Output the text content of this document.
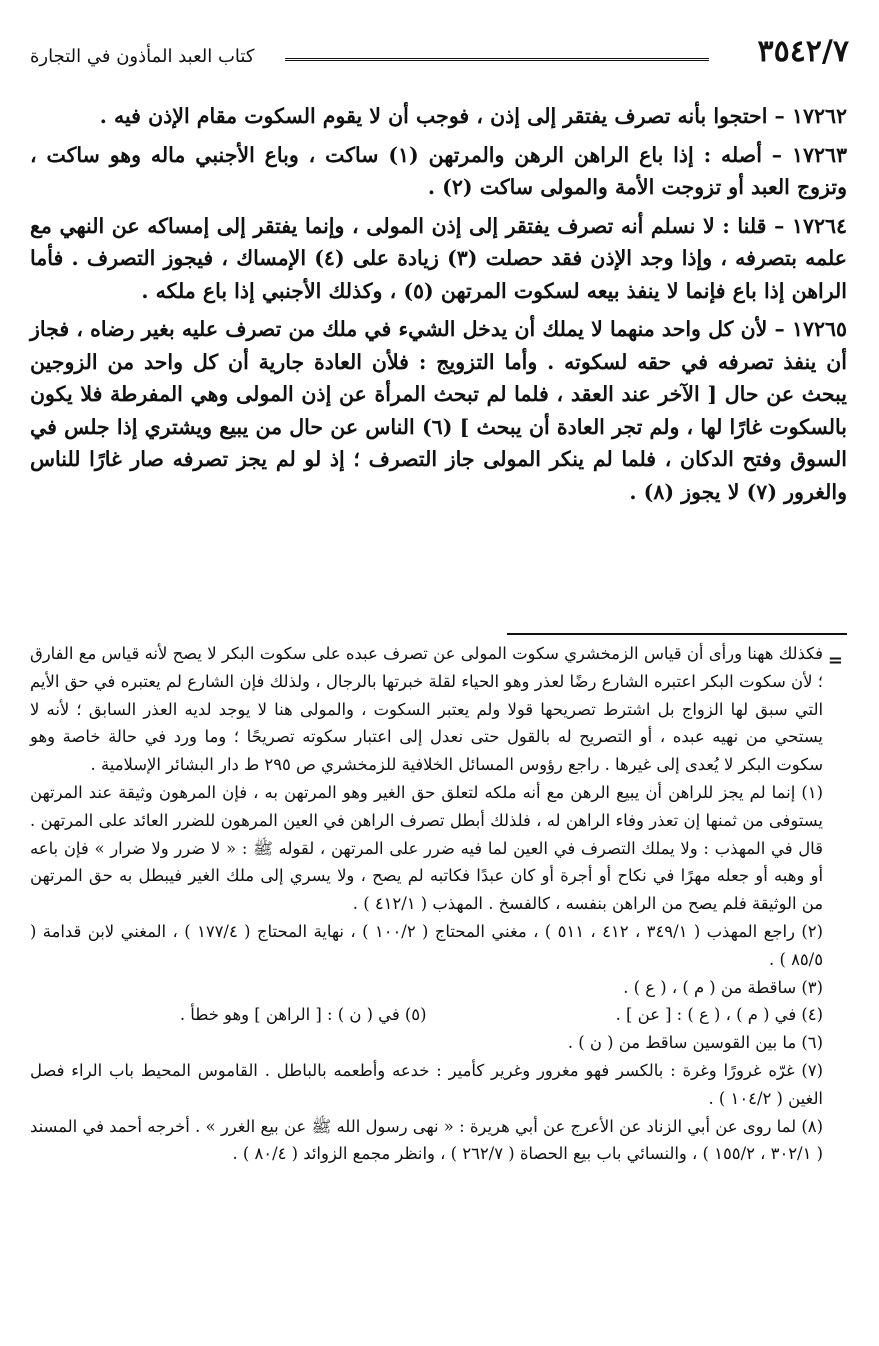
٣٥٤٢/٧
كتاب العبد المأذون في التجارة

١٧٢٦٢ – احتجوا بأنه تصرف يفتقر إلى إذن ، فوجب أن لا يقوم السكوت مقام الإذن فيه .

١٧٢٦٣ – أصله : إذا باع الراهن الرهن والمرتهن (١) ساكت ، وباع الأجنبي ماله وهو ساكت ، وتزوج العبد أو تزوجت الأمة والمولى ساكت (٢) .

١٧٢٦٤ – قلنا : لا نسلم أنه تصرف يفتقر إلى إذن المولى ، وإنما يفتقر إلى إمساكه عن النهي مع علمه بتصرفه ، وإذا وجد الإذن فقد حصلت (٣) زيادة على (٤) الإمساك ، فيجوز التصرف . فأما الراهن إذا باع فإنما لا ينفذ بيعه لسكوت المرتهن (٥) ، وكذلك الأجنبي إذا باع ملكه .

١٧٢٦٥ – لأن كل واحد منهما لا يملك أن يدخل الشيء في ملك من تصرف عليه بغير رضاه ، فجاز أن ينفذ تصرفه في حقه لسكوته . وأما التزويج : فلأن العادة جارية أن كل واحد من الزوجين يبحث عن حال [ الآخر عند العقد ، فلما لم تبحث المرأة عن إذن المولى وهي المفرطة فلا يكون بالسكوت غارًا لها ، ولم تجر العادة أن يبحث ] (٦) الناس عن حال من يبيع ويشتري إذا جلس في السوق وفتح الدكان ، فلما لم ينكر المولى جاز التصرف ؛ إذ لو لم يجز تصرفه صار غارًا للناس والغرور (٧) لا يجوز (٨) .

=

فكذلك ههنا ورأى أن قياس الزمخشري سكوت المولى عن تصرف عبده على سكوت البكر لا يصح لأنه قياس مع الفارق ؛ لأن سكوت البكر اعتبره الشارع رضًا لعذر وهو الحياء لقلة خبرتها بالرجال ، ولذلك فإن الشارع لم يعتبره في حق الأيم التي سبق لها الزواج بل اشترط تصريحها قولا ولم يعتبر السكوت ، والمولى هنا لا يوجد لديه العذر السابق ؛ لأنه لا يستحي من نهيه عبده ، أو التصريح له بالقول حتى نعدل إلى اعتبار سكوته تصريحًا ؛ وما ورد في حالة خاصة وهو سكوت البكر لا يُعدى إلى غيرها . راجع رؤوس المسائل الخلافية للزمخشري ص ٢٩٥ ط دار البشائر الإسلامية .

(١) إنما لم يجز للراهن أن يبيع الرهن مع أنه ملكه لتعلق حق الغير وهو المرتهن به ، فإن المرهون وثيقة عند المرتهن يستوفى من ثمنها إن تعذر وفاء الراهن له ، فلذلك أبطل تصرف الراهن في العين المرهون للضرر العائد على المرتهن . قال في المهذب : ولا يملك التصرف في العين لما فيه ضرر على المرتهن ، لقوله ﷺ : « لا ضرر ولا ضرار » فإن باعه أو وهبه أو جعله مهرًا في نكاح أو أجرة أو كان عبدًا فكاتبه لم يصح ، ولا يسري إلى ملك الغير فيبطل به حق المرتهن من الوثيقة فلم يصح من الراهن بنفسه ، كالفسخ . المهذب ( ٤١٢/١ ) .

(٢) راجع المهذب ( ٣٤٩/١ ، ٤١٢ ، ٥١١ ) ، مغني المحتاج ( ١٠٠/٢ ) ، نهاية المحتاج ( ١٧٧/٤ ) ، المغني لابن قدامة ( ٨٥/٥ ) .

(٣) ساقطة من ( م ) ، ( ع ) .
(٤) في ( م ) ، ( ع ) : [ عن ] .
(٥) في ( ن ) : [ الراهن ] وهو خطأ .

(٦) ما بين القوسين ساقط من ( ن ) .

(٧) غرّه غرورًا وغرة : بالكسر فهو مغرور وغرير كأمير : خدعه وأطعمه بالباطل . القاموس المحيط باب الراء فصل الغين ( ١٠٤/٢ ) .

(٨) لما روى عن أبي الزناد عن الأعرج عن أبي هريرة : « نهى رسول الله ﷺ عن بيع الغرر » . أخرجه أحمد في المسند ( ٣٠٢/١ ، ١٥٥/٢ ) ، والنسائي باب بيع الحصاة ( ٢٦٢/٧ ) ، وانظر مجمع الزوائد ( ٨٠/٤ ) .
